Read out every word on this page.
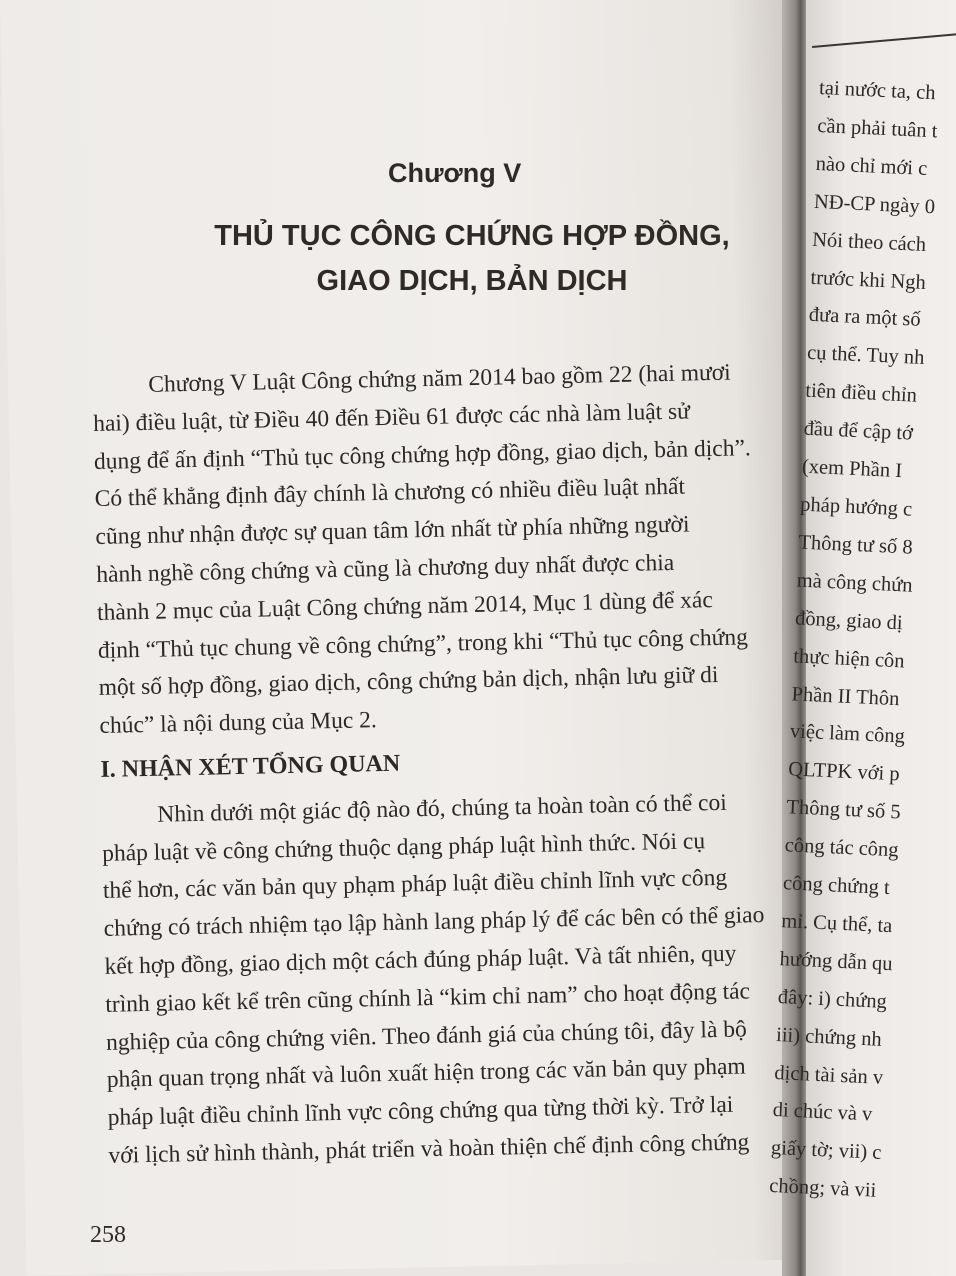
Chương V
THỦ TỤC CÔNG CHỨNG HỢP ĐỒNG,
GIAO DỊCH, BẢN DỊCH
Chương V Luật Công chứng năm 2014 bao gồm 22 (hai mươi
hai) điều luật, từ Điều 40 đến Điều 61 được các nhà làm luật sử
dụng để ấn định “Thủ tục công chứng hợp đồng, giao dịch, bản dịch”.
Có thể khẳng định đây chính là chương có nhiều điều luật nhất
cũng như nhận được sự quan tâm lớn nhất từ phía những người
hành nghề công chứng và cũng là chương duy nhất được chia
thành 2 mục của Luật Công chứng năm 2014, Mục 1 dùng để xác
định “Thủ tục chung về công chứng”, trong khi “Thủ tục công chứng
một số hợp đồng, giao dịch, công chứng bản dịch, nhận lưu giữ di
chúc” là nội dung của Mục 2.
I. NHẬN XÉT TỔNG QUAN
Nhìn dưới một giác độ nào đó, chúng ta hoàn toàn có thể coi
pháp luật về công chứng thuộc dạng pháp luật hình thức. Nói cụ
thể hơn, các văn bản quy phạm pháp luật điều chỉnh lĩnh vực công
chứng có trách nhiệm tạo lập hành lang pháp lý để các bên có thể giao
kết hợp đồng, giao dịch một cách đúng pháp luật. Và tất nhiên, quy
trình giao kết kể trên cũng chính là “kim chỉ nam” cho hoạt động tác
nghiệp của công chứng viên. Theo đánh giá của chúng tôi, đây là bộ
phận quan trọng nhất và luôn xuất hiện trong các văn bản quy phạm
pháp luật điều chỉnh lĩnh vực công chứng qua từng thời kỳ. Trở lại
với lịch sử hình thành, phát triển và hoàn thiện chế định công chứng
258
tại nước ta, ch
cần phải tuân t
nào chỉ mới c
NĐ-CP ngày 0
Nói theo cách
trước khi Ngh
đưa ra một số
cụ thể. Tuy nh
tiên điều chỉn
đầu để cập tớ
(xem Phần I
pháp hướng c
Thông tư số 8
mà công chứn
đồng, giao dị
thực hiện côn
Phần II Thôn
việc làm công
QLTPK với p
Thông tư số 5
công tác công
công chứng t
mỉ. Cụ thể, ta
hướng dẫn qu
đây: i) chứng
iii) chứng nh
dịch tài sản v
di chúc và v
giấy tờ; vii) c
chồng; và vii
